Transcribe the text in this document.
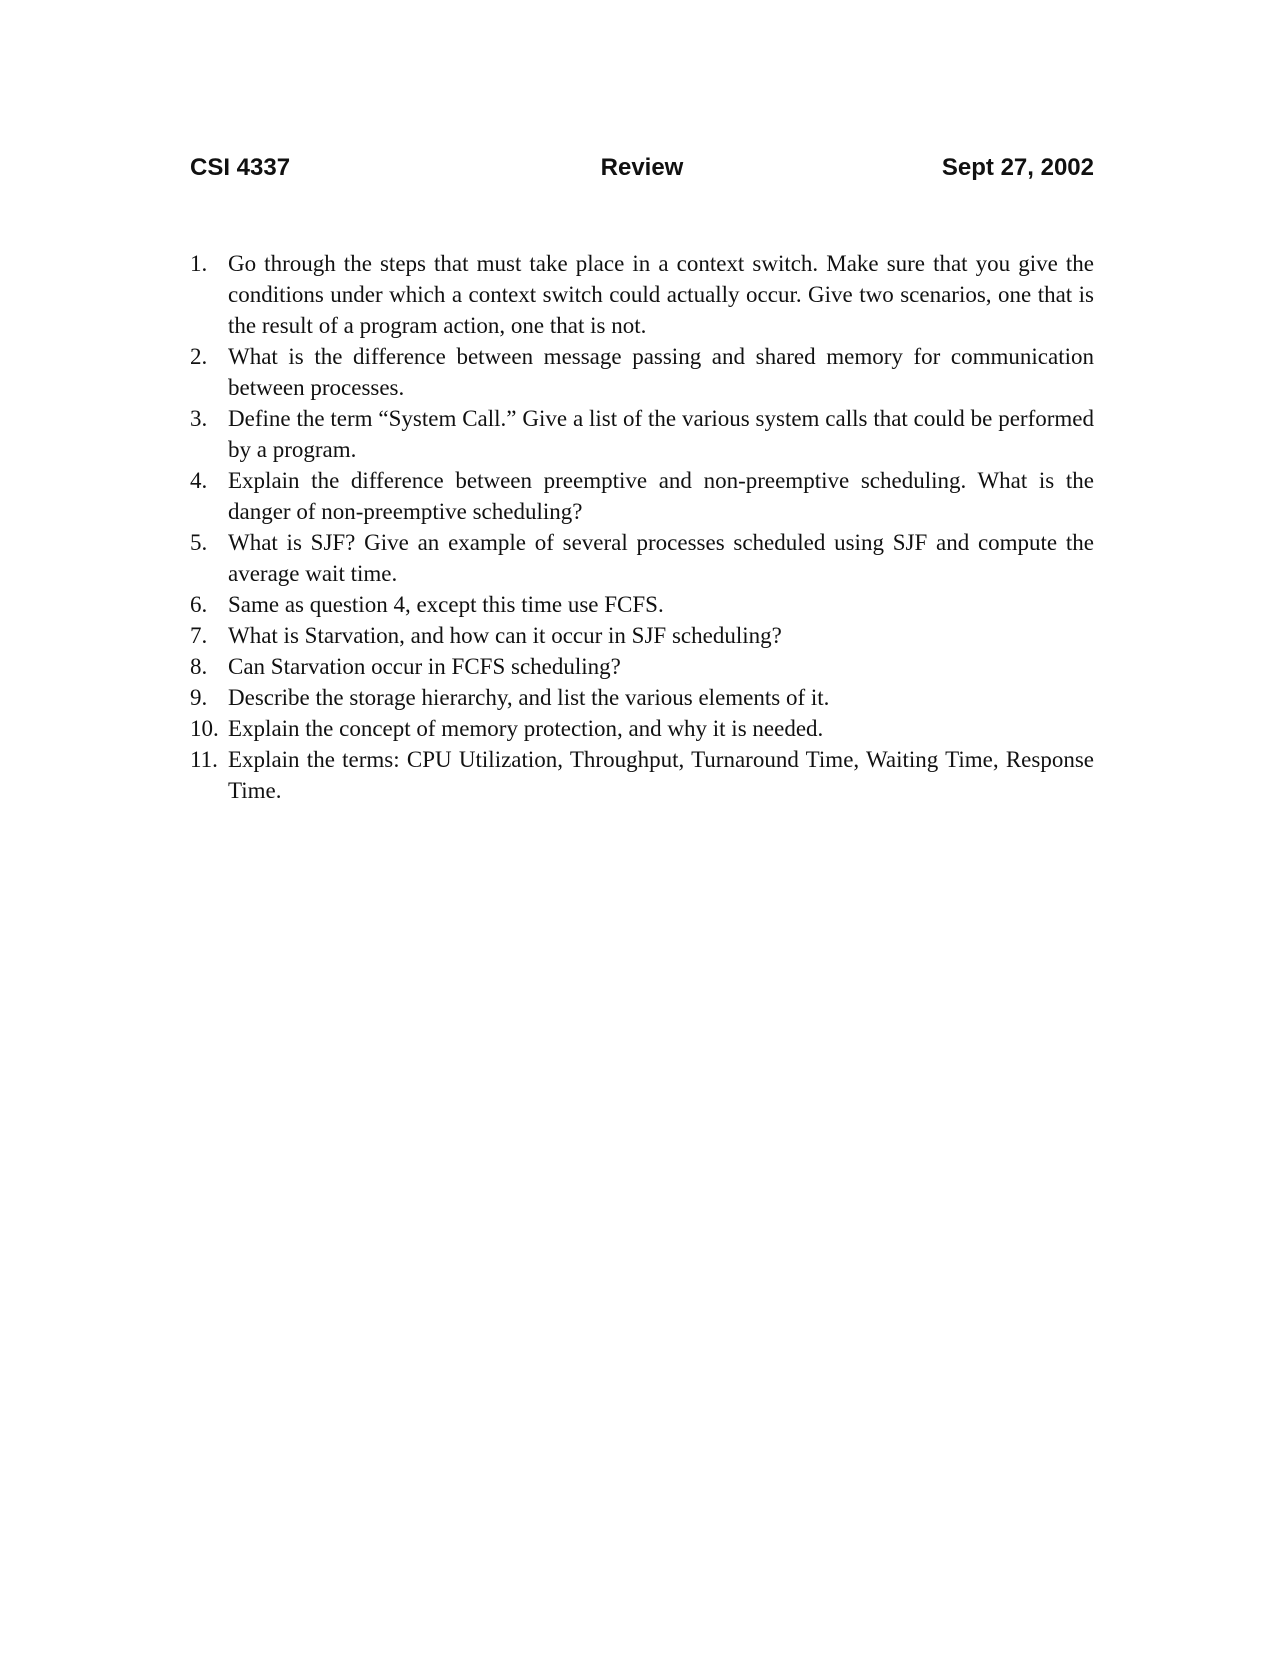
CSI 4337	Review	Sept 27, 2002
1. Go through the steps that must take place in a context switch. Make sure that you give the conditions under which a context switch could actually occur. Give two scenarios, one that is the result of a program action, one that is not.
2. What is the difference between message passing and shared memory for communication between processes.
3. Define the term “System Call.” Give a list of the various system calls that could be performed by a program.
4. Explain the difference between preemptive and non-preemptive scheduling. What is the danger of non-preemptive scheduling?
5. What is SJF? Give an example of several processes scheduled using SJF and compute the average wait time.
6. Same as question 4, except this time use FCFS.
7. What is Starvation, and how can it occur in SJF scheduling?
8. Can Starvation occur in FCFS scheduling?
9. Describe the storage hierarchy, and list the various elements of it.
10. Explain the concept of memory protection, and why it is needed.
11. Explain the terms: CPU Utilization, Throughput, Turnaround Time, Waiting Time, Response Time.
